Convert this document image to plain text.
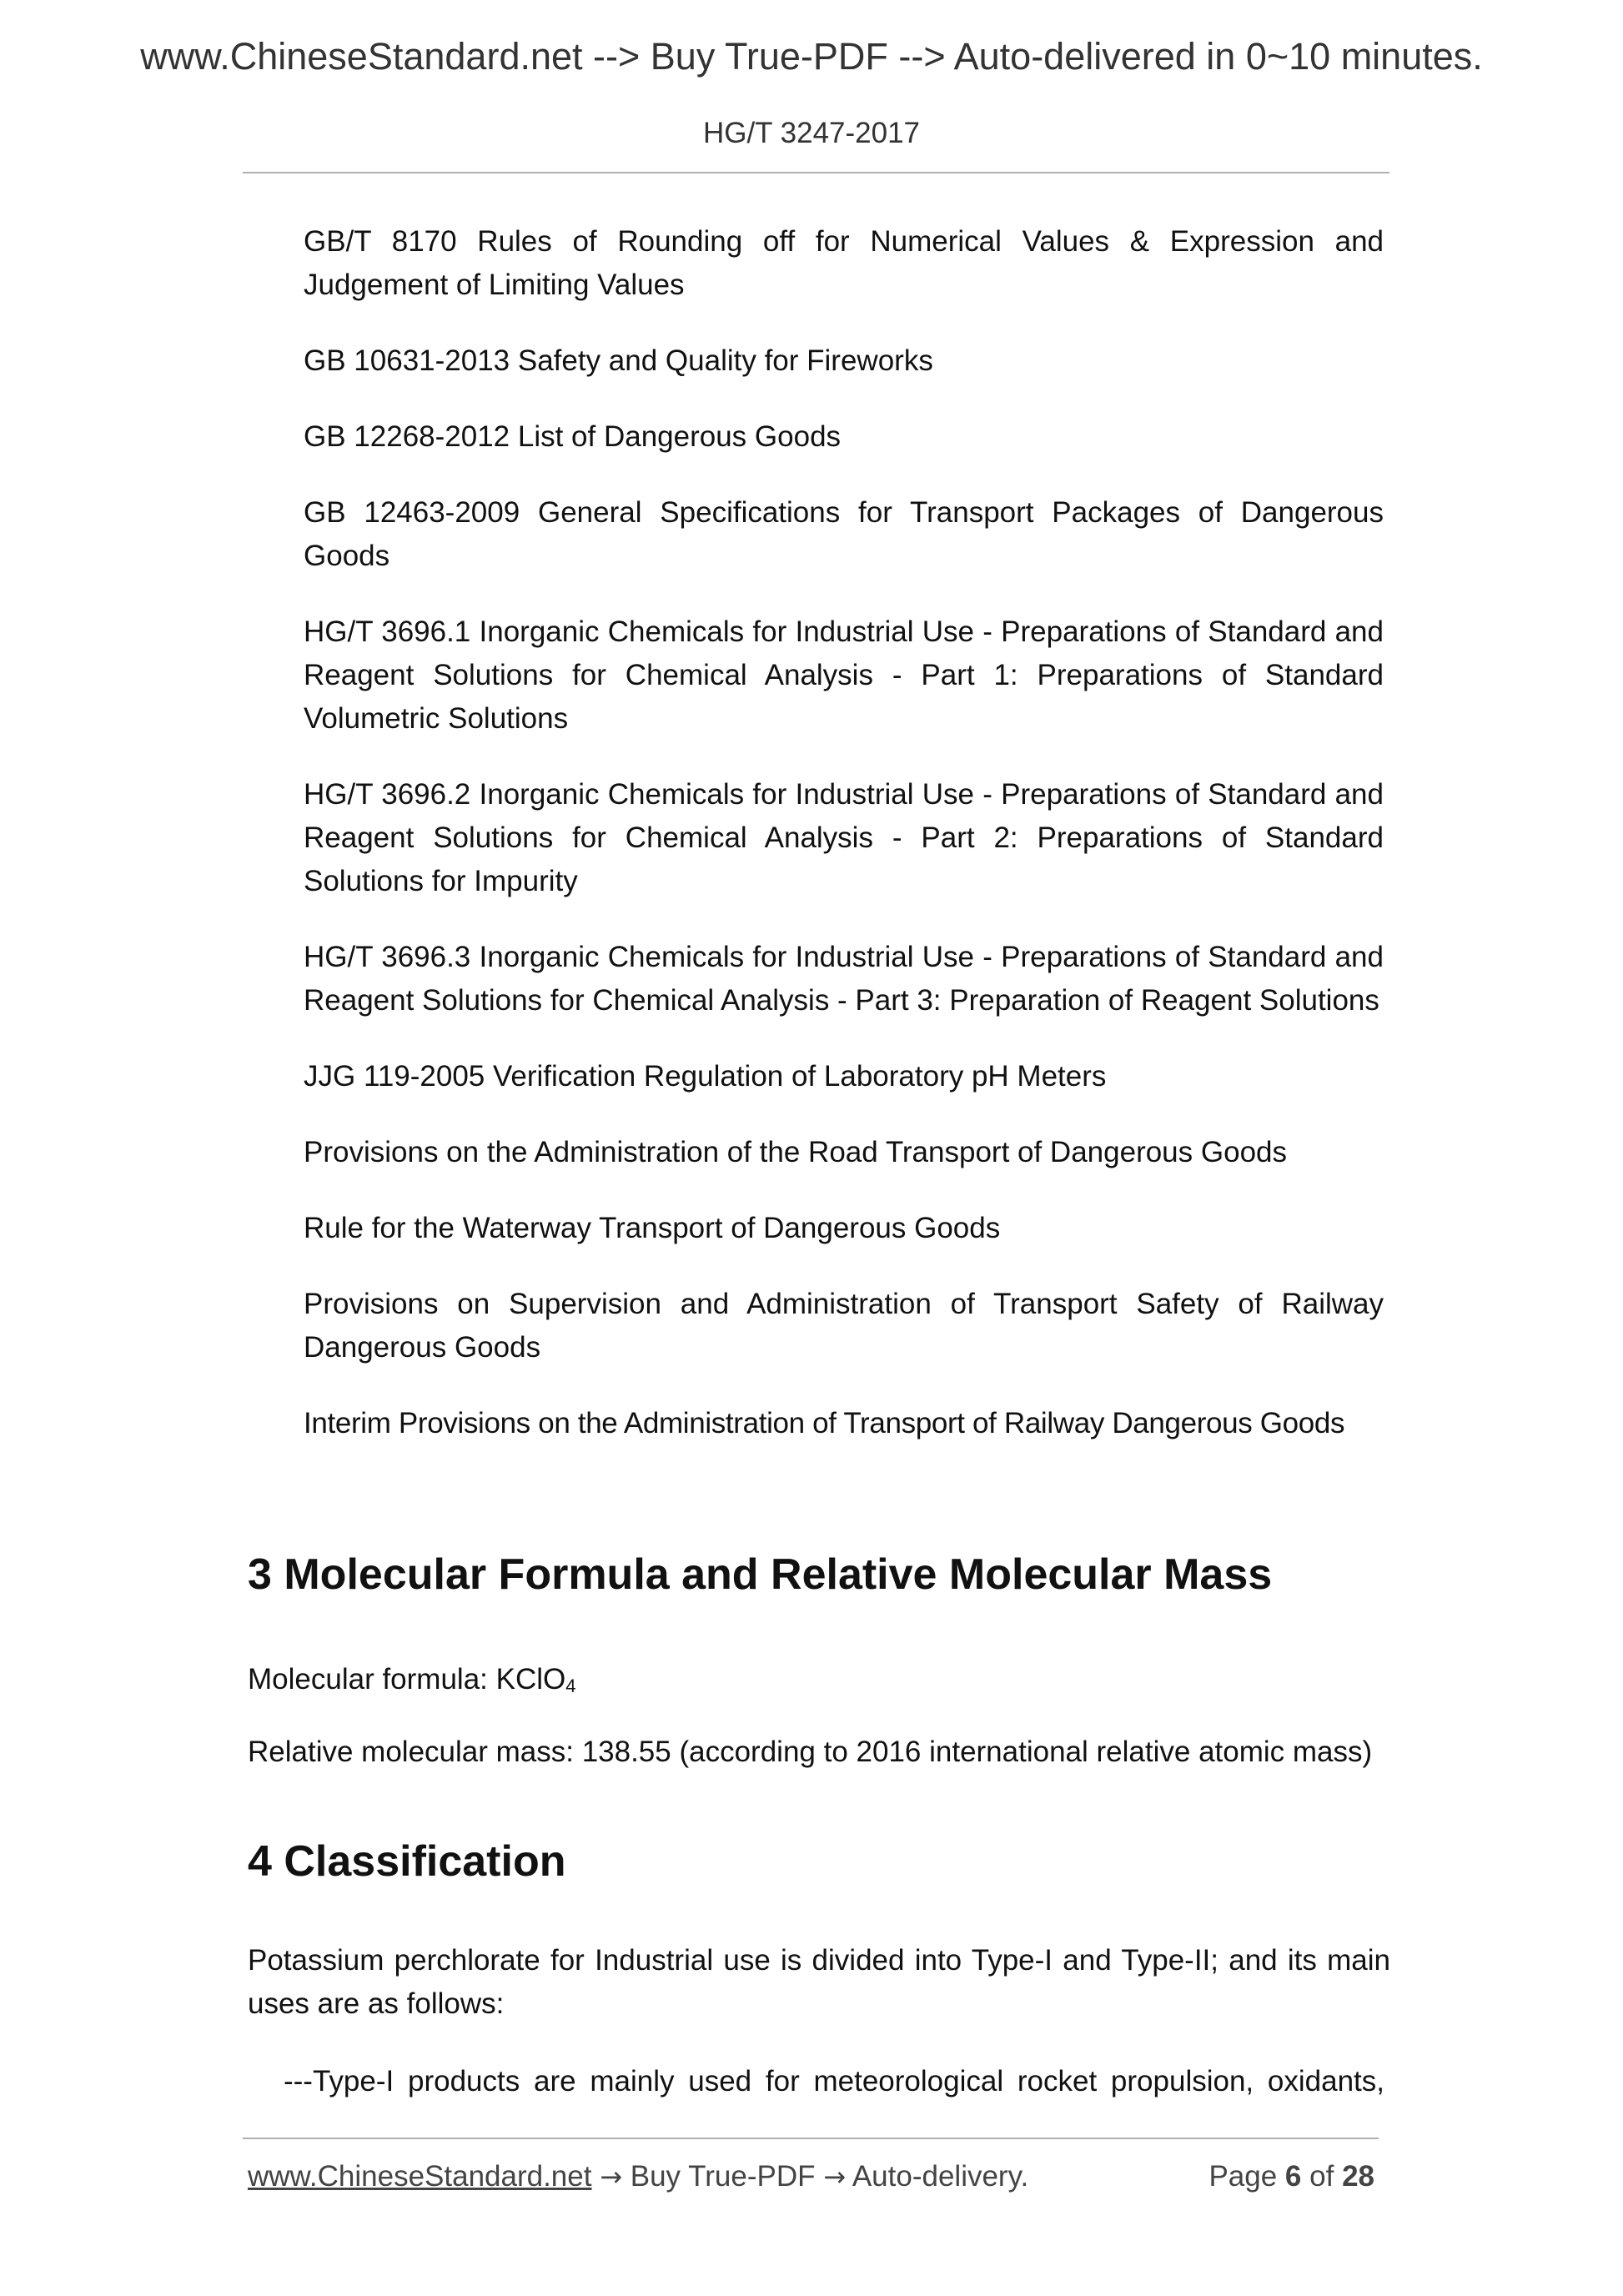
www.ChineseStandard.net --> Buy True-PDF --> Auto-delivered in 0~10 minutes.
HG/T 3247-2017

GB/T 8170 Rules of Rounding off for Numerical Values & Expression and Judgement of Limiting Values

GB 10631-2013 Safety and Quality for Fireworks

GB 12268-2012 List of Dangerous Goods

GB 12463-2009 General Specifications for Transport Packages of Dangerous Goods

HG/T 3696.1 Inorganic Chemicals for Industrial Use - Preparations of Standard and Reagent Solutions for Chemical Analysis - Part 1: Preparations of Standard Volumetric Solutions

HG/T 3696.2 Inorganic Chemicals for Industrial Use - Preparations of Standard and Reagent Solutions for Chemical Analysis - Part 2: Preparations of Standard Solutions for Impurity

HG/T 3696.3 Inorganic Chemicals for Industrial Use - Preparations of Standard and Reagent Solutions for Chemical Analysis - Part 3: Preparation of Reagent Solutions

JJG 119-2005 Verification Regulation of Laboratory pH Meters

Provisions on the Administration of the Road Transport of Dangerous Goods

Rule for the Waterway Transport of Dangerous Goods

Provisions on Supervision and Administration of Transport Safety of Railway Dangerous Goods

Interim Provisions on the Administration of Transport of Railway Dangerous Goods

3 Molecular Formula and Relative Molecular Mass

Molecular formula: KClO$_4$

Relative molecular mass: 138.55 (according to 2016 international relative atomic mass)

4 Classification

Potassium perchlorate for Industrial use is divided into Type-I and Type-II; and its main uses are as follows:

---Type-I products are mainly used for meteorological rocket propulsion, oxidants,
www.ChineseStandard.net → Buy True-PDF → Auto-delivery.	Page 6 of 28
